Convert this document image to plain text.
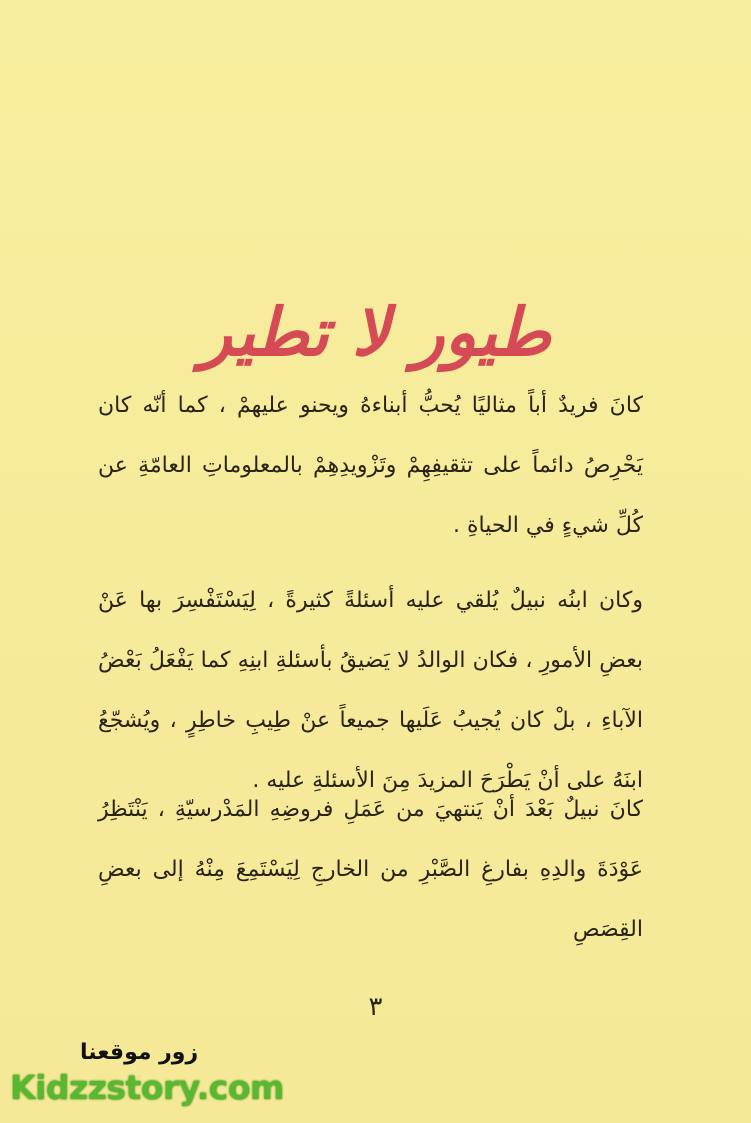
طيور لا تطير

كانَ فريدٌ أباً مثاليًا يُحبُّ أبناءهُ ويحنو عليهمْ ، كما أنّه كان يَحْرِصُ دائماً على تثقيفِهِمْ وتَزْويدِهِمْ بالمعلوماتِ العامّةِ عن كُلِّ شيءٍ في الحياةِ .

وكان ابنُه نبيلٌ يُلقي عليه أسئلةً كثيرةً ، لِيَسْتَفْسِرَ بها عَنْ بعضِ الأمورِ ، فكان الوالدُ لا يَضيقُ بأسئلةِ ابنِهِ كما يَفْعَلُ بَعْضُ الآباءِ ، بلْ كان يُجيبُ عَلَيها جميعاً عنْ طِيبِ خاطِرٍ ، ويُشجّعُ ابنَهُ على أنْ يَطْرَحَ المزيدَ مِنَ الأسئلةِ عليه .

كانَ نبيلٌ بَعْدَ أنْ يَنتهيَ من عَمَلِ فروضِهِ المَدْرسيّةِ ، يَنْتَظِرُ عَوْدَةَ والدِهِ بفارغِ الصَّبْرِ من الخارجِ لِيَسْتَمِعَ مِنْهُ إلى بعضِ القِصَصِ

٣
زور موقعنا
Kidzzstory.com
